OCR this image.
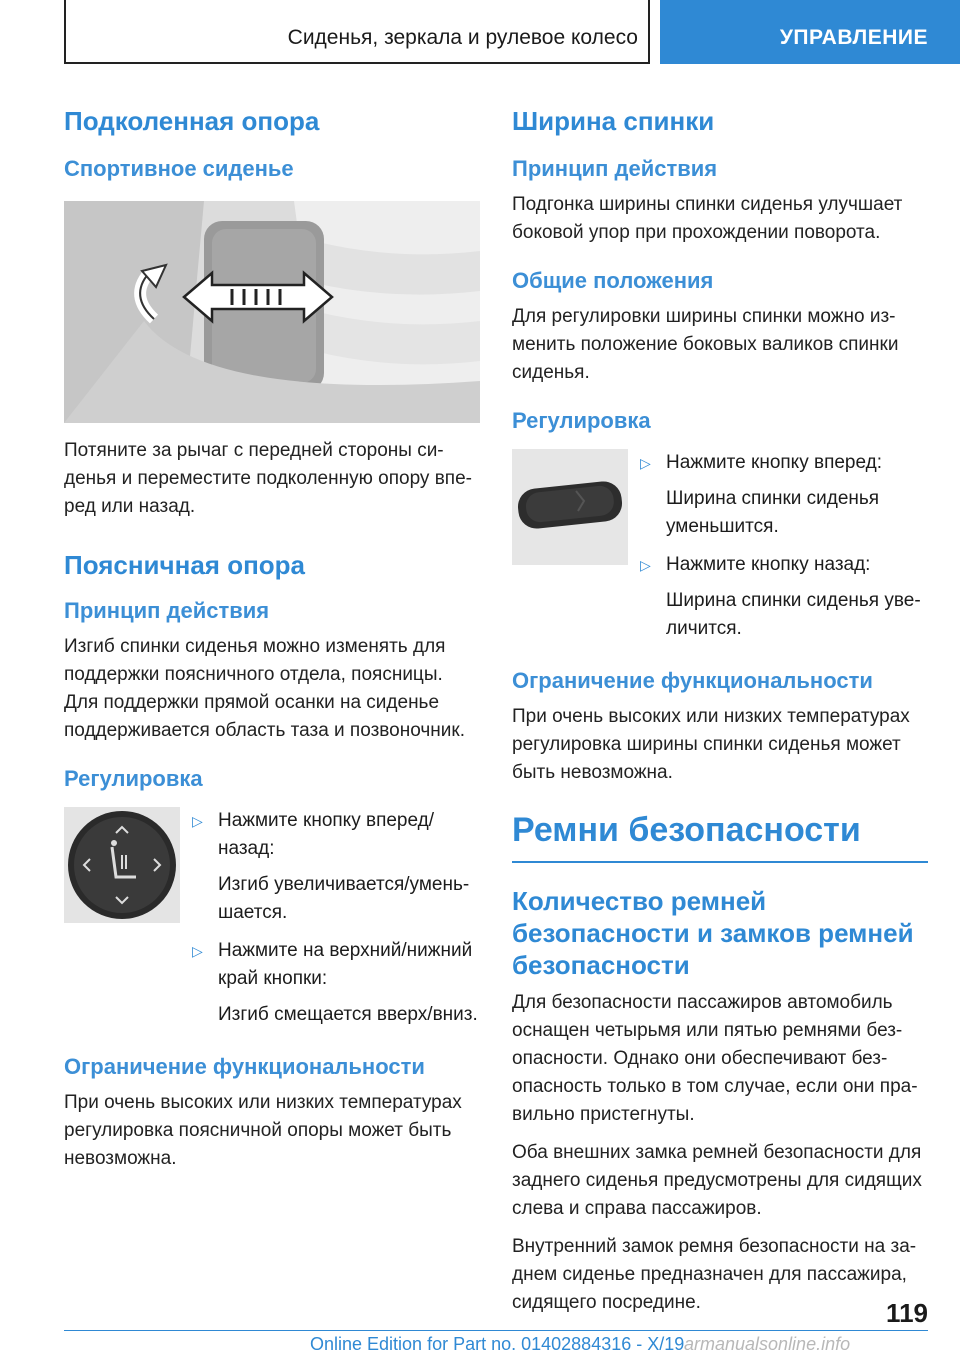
Сиденья, зеркала и рулевое колесо	УПРАВЛЕНИЕ
Подколенная опора
Спортивное сиденье

Потяните за рычаг с передней стороны си-денья и переместите подколенную опору впе-ред или назад.

Поясничная опора
Принцип действия

Изгиб спинки сиденья можно изменять для поддержки поясничного отдела, поясницы. Для поддержки прямой осанки на сиденье поддерживается область таза и позвоночник.

Регулировка
▷ Нажмите кнопку вперед/назад:
Изгиб увеличивается/умень-шается.
▷ Нажмите на верхний/нижний край кнопки:
Изгиб смещается вверх/вниз.
Ограничение функциональности

При очень высоких или низких температурах регулировка поясничной опоры может быть невозможна.

Ширина спинки
Принцип действия

Подгонка ширины спинки сиденья улучшает боковой упор при прохождении поворота.

Общие положения

Для регулировки ширины спинки можно из-менить положение боковых валиков спинки сиденья.

Регулировка
▷ Нажмите кнопку вперед:
Ширина спинки сиденья уменьшится.
▷ Нажмите кнопку назад:
Ширина спинки сиденья уве-личится.
Ограничение функциональности

При очень высоких или низких температурах регулировка ширины спинки сиденья может быть невозможна.

Ремни безопасности
Количество ремней безопасности и замков ремней безопасности

Для безопасности пассажиров автомобиль оснащен четырьмя или пятью ремнями без-опасности. Однако они обеспечивают без-опасность только в том случае, если они пра-вильно пристегнуты.

Оба внешних замка ремней безопасности для заднего сиденья предусмотрены для сидящих слева и справа пассажиров.

Внутренний замок ремня безопасности на за-днем сиденье предназначен для пассажира, сидящего посредине.	119
Online Edition for Part no. 01402884316 - X/19 armanualsonline.info
